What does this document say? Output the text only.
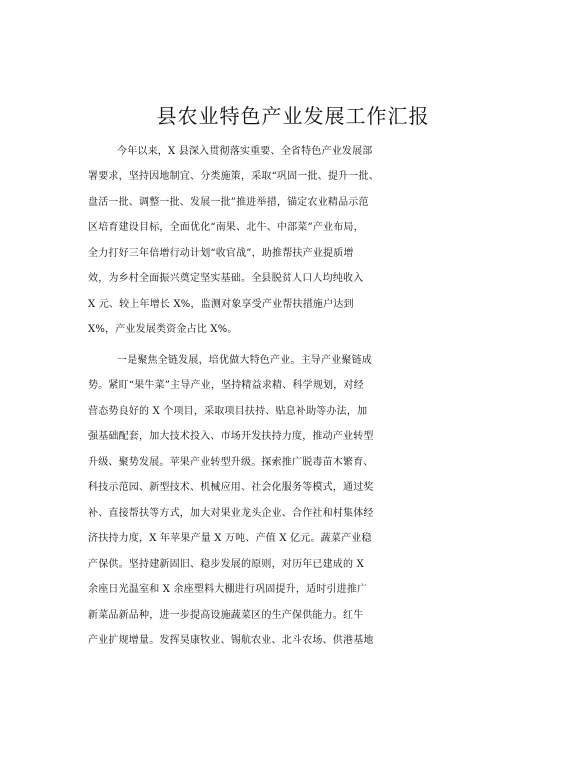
县农业特色产业发展工作汇报
今年以来，X 县深入贯彻落实重要、全省特色产业发展部
署要求，坚持因地制宜、分类施策，采取“巩固一批、提升一批、
盘活一批、调整一批、发展一批”推进举措，锚定农业精品示范
区培育建设目标，全面优化“南果、北牛、中部菜”产业布局，
全力打好三年倍增行动计划“收官战”，助推帮扶产业提质增
效，为乡村全面振兴奠定坚实基础。全县脱贫人口人均纯收入
X 元、较上年增长 X%，监测对象享受产业帮扶措施户达到
X%，产业发展类资金占比 X%。
一是聚焦全链发展，培优做大特色产业。主导产业聚链成
势。紧盯“果牛菜”主导产业，坚持精益求精、科学规划，对经
营态势良好的 X 个项目，采取项目扶持、贴息补助等办法，加
强基础配套，加大技术投入、市场开发扶持力度，推动产业转型
升级、聚势发展。苹果产业转型升级。探索推广脱毒苗木繁育、
科技示范园、新型技术、机械应用、社会化服务等模式，通过奖
补、直接帮扶等方式，加大对果业龙头企业、合作社和村集体经
济扶持力度，X 年苹果产量 X 万吨、产值 X 亿元。蔬菜产业稳
产保供。坚持建新固旧、稳步发展的原则，对历年已建成的 X
余座日光温室和 X 余座塑料大棚进行巩固提升，适时引进推广
新菜品新品种，进一步提高设施蔬菜区的生产保供能力。红牛
产业扩规增量。发挥昊康牧业、锡航农业、北斗农场、供港基地
